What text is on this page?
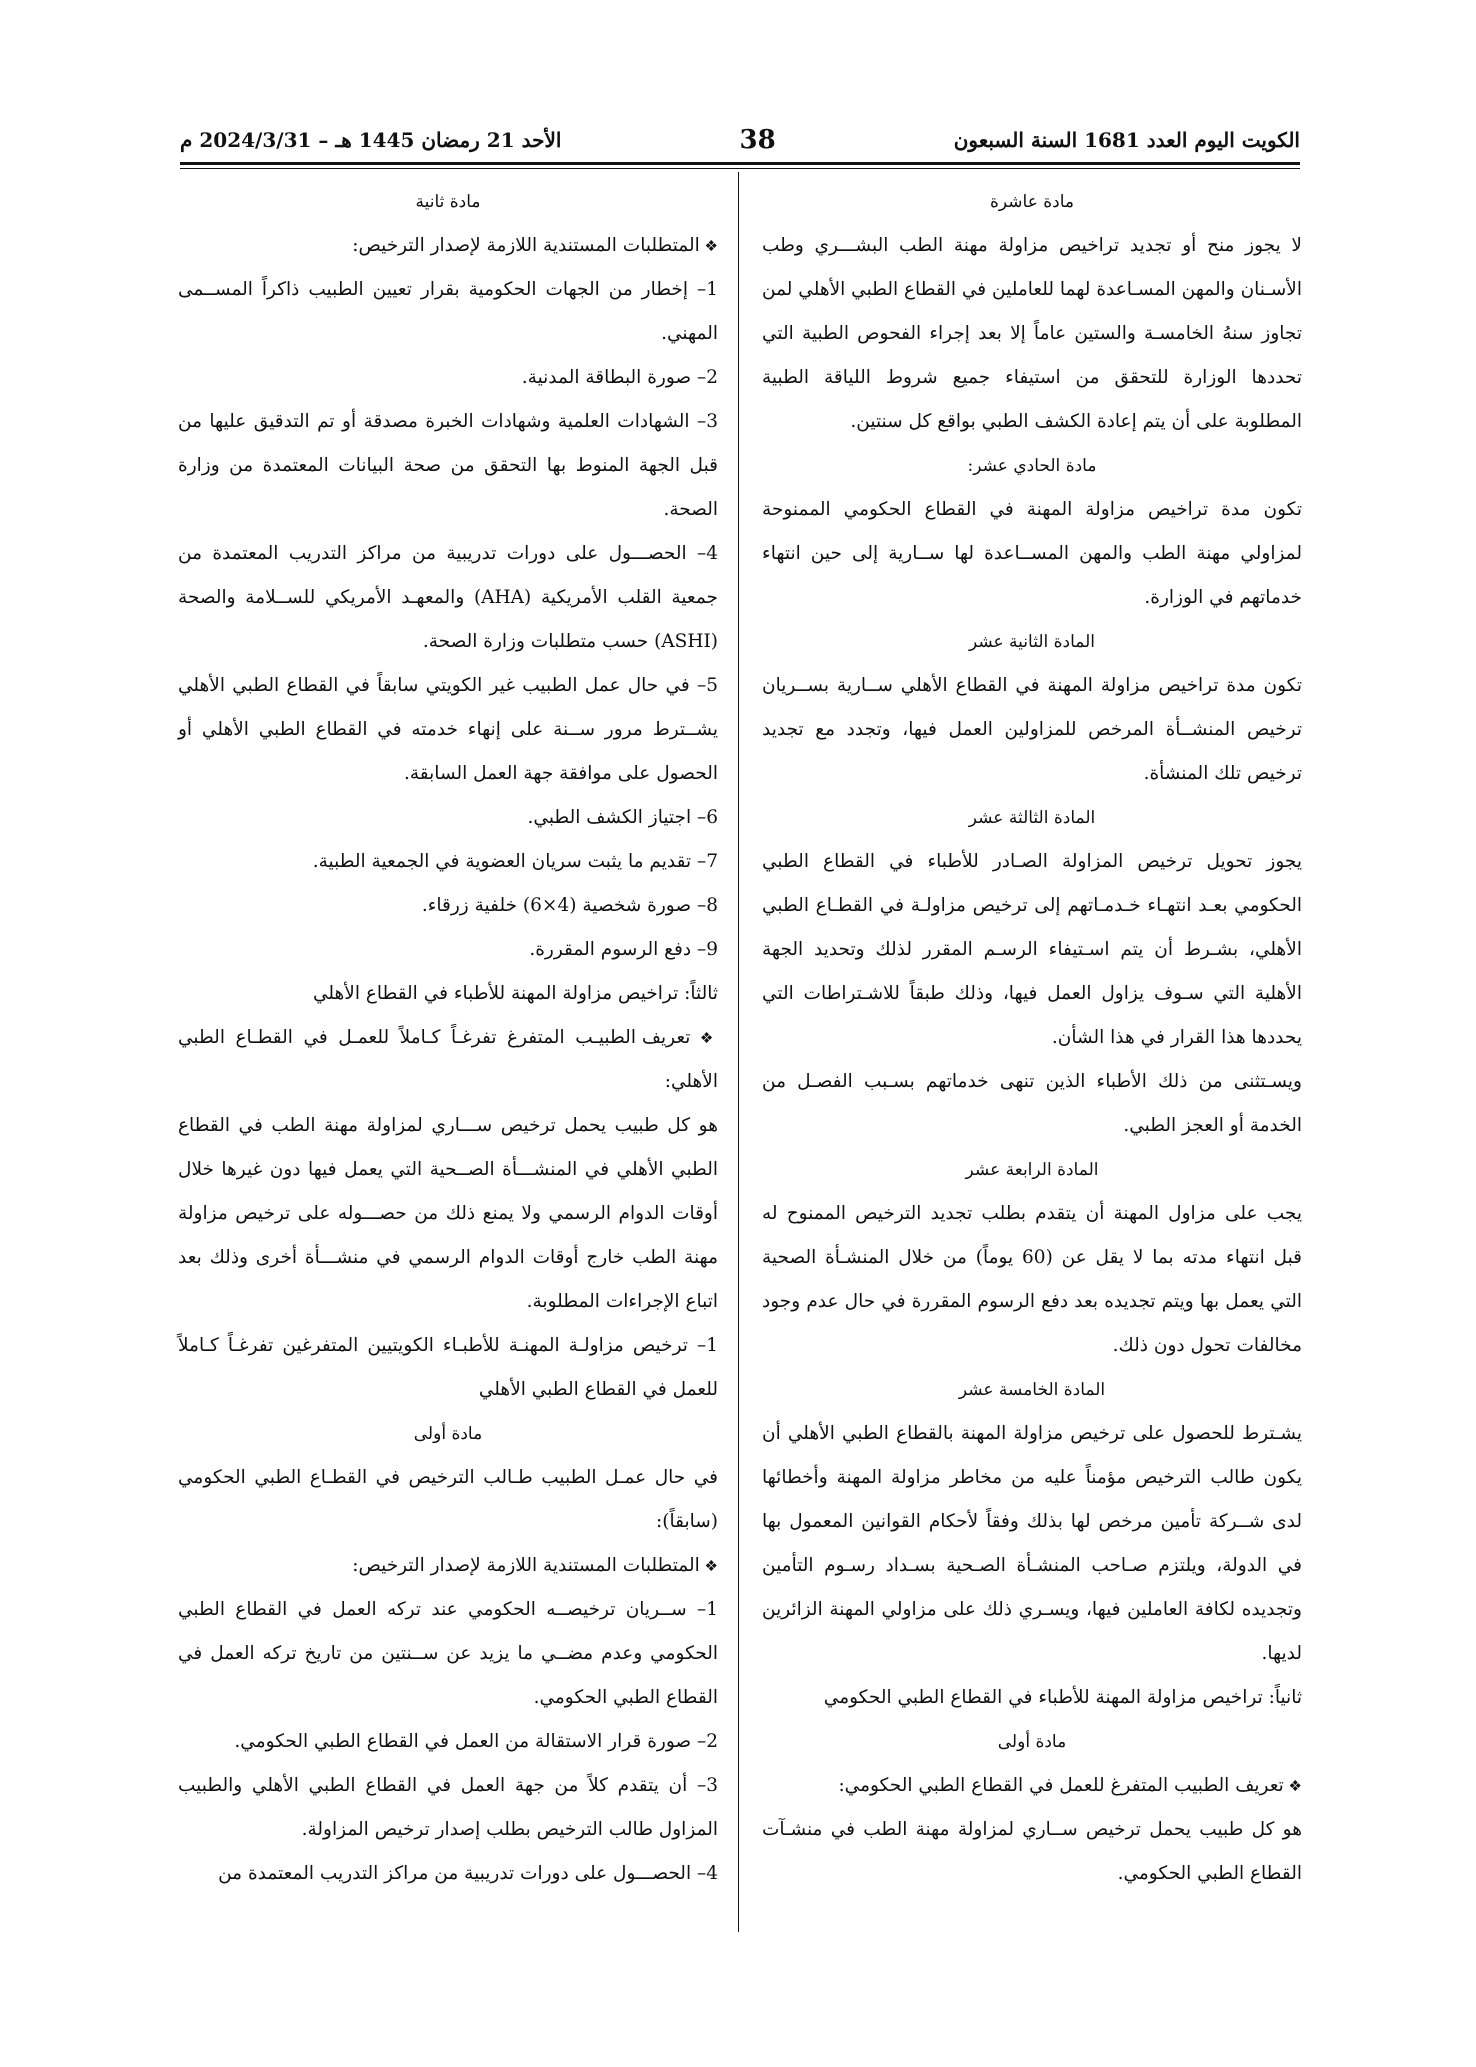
الكويت اليوم العدد 1681 السنة السبعون
38
الأحد 21 رمضان 1445 هـ – 2024/3/31 م
مادة عاشرة

لا يجوز منح أو تجديد تراخيص مزاولة مهنة الطب البشـــري وطب الأسـنان والمهن المسـاعدة لهما للعاملين في القطاع الطبي الأهلي لمن تجاوز سنهُ الخامسـة والستين عاماً إلا بعد إجراء الفحوص الطبية التي تحددها الوزارة للتحقق من استيفاء جميع شروط اللياقة الطبية المطلوبة على أن يتم إعادة الكشف الطبي بواقع كل سنتين.

مادة الحادي عشر:

تكون مدة تراخيص مزاولة المهنة في القطاع الحكومي الممنوحة لمزاولي مهنة الطب والمهن المســاعدة لها ســارية إلى حين انتهاء خدماتهم في الوزارة.

المادة الثانية عشر

تكون مدة تراخيص مزاولة المهنة في القطاع الأهلي ســارية بســريان ترخيص المنشــأة المرخص للمزاولين العمل فيها، وتجدد مع تجديد ترخيص تلك المنشأة.

المادة الثالثة عشر

يجوز تحويل ترخيص المزاولة الصـادر للأطباء في القطاع الطبي الحكومي بعـد انتهـاء خـدمـاتهم إلى ترخيص مزاولـة في القطـاع الطبي الأهلي، بشـرط أن يتم اسـتيفاء الرسـم المقرر لذلك وتحديد الجهة الأهلية التي سـوف يزاول العمل فيها، وذلك طبقاً للاشـتراطات التي يحددها هذا القرار في هذا الشأن.

ويسـتثنى من ذلك الأطباء الذين تنهى خدماتهم بسـبب الفصـل من الخدمة أو العجز الطبي.

المادة الرابعة عشر

يجب على مزاول المهنة أن يتقدم بطلب تجديد الترخيص الممنوح له قبل انتهاء مدته بما لا يقل عن (60 يوماً) من خلال المنشـأة الصحية التي يعمل بها ويتم تجديده بعد دفع الرسوم المقررة في حال عدم وجود مخالفات تحول دون ذلك.

المادة الخامسة عشر

يشـترط للحصول على ترخيص مزاولة المهنة بالقطاع الطبي الأهلي أن يكون طالب الترخيص مؤمناً عليه من مخاطر مزاولة المهنة وأخطائها لدى شــركة تأمين مرخص لها بذلك وفقاً لأحكام القوانين المعمول بها في الدولة، ويلتزم صـاحب المنشـأة الصـحية بسـداد رسـوم التأمين وتجديده لكافة العاملين فيها، ويسـري ذلك على مزاولي المهنة الزائرين لديها.

ثانياً: تراخيص مزاولة المهنة للأطباء في القطاع الطبي الحكومي

مادة أولى

❖ تعريف الطبيب المتفرغ للعمل في القطاع الطبي الحكومي:

هو كل طبيب يحمل ترخيص ســاري لمزاولة مهنة الطب في منشـآت القطاع الطبي الحكومي.

مادة ثانية

❖ المتطلبات المستندية اللازمة لإصدار الترخيص:

1– إخطار من الجهات الحكومية بقرار تعيين الطبيب ذاكراً المســمى المهني.

2– صورة البطاقة المدنية.

3– الشهادات العلمية وشهادات الخبرة مصدقة أو تم التدقيق عليها من قبل الجهة المنوط بها التحقق من صحة البيانات المعتمدة من وزارة الصحة.

4– الحصـــول على دورات تدريبية من مراكز التدريب المعتمدة من جمعية القلب الأمريكية (AHA) والمعهـد الأمريكي للســلامة والصحة (ASHI) حسب متطلبات وزارة الصحة.

5– في حال عمل الطبيب غير الكويتي سابقاً في القطاع الطبي الأهلي يشــترط مرور ســنة على إنهاء خدمته في القطاع الطبي الأهلي أو الحصول على موافقة جهة العمل السابقة.

6– اجتياز الكشف الطبي.

7– تقديم ما يثبت سريان العضوية في الجمعية الطبية.

8– صورة شخصية (4×6) خلفية زرقاء.

9– دفع الرسوم المقررة.

ثالثاً: تراخيص مزاولة المهنة للأطباء في القطاع الأهلي

❖ تعريف الطبيـب المتفرغ تفرغـاً كـاملاً للعمـل في القطـاع الطبي الأهلي:

هو كل طبيب يحمل ترخيص ســـاري لمزاولة مهنة الطب في القطاع الطبي الأهلي في المنشـــأة الصــحية التي يعمل فيها دون غيرها خلال أوقات الدوام الرسمي ولا يمنع ذلك من حصـــوله على ترخيص مزاولة مهنة الطب خارج أوقات الدوام الرسمي في منشـــأة أخرى وذلك بعد اتباع الإجراءات المطلوبة.

1– ترخيص مزاولـة المهنـة للأطبـاء الكويتيين المتفرغين تفرغـاً كـاملاً للعمل في القطاع الطبي الأهلي

مادة أولى

في حال عمـل الطبيب طـالب الترخيص في القطـاع الطبي الحكومي (سابقاً):

❖ المتطلبات المستندية اللازمة لإصدار الترخيص:

1– ســريان ترخيصــه الحكومي عند تركه العمل في القطاع الطبي الحكومي وعدم مضــي ما يزيد عن ســنتين من تاريخ تركه العمل في القطاع الطبي الحكومي.

2– صورة قرار الاستقالة من العمل في القطاع الطبي الحكومي.

3– أن يتقدم كلاً من جهة العمل في القطاع الطبي الأهلي والطبيب المزاول طالب الترخيص بطلب إصدار ترخيص المزاولة.

4– الحصـــول على دورات تدريبية من مراكز التدريب المعتمدة من
